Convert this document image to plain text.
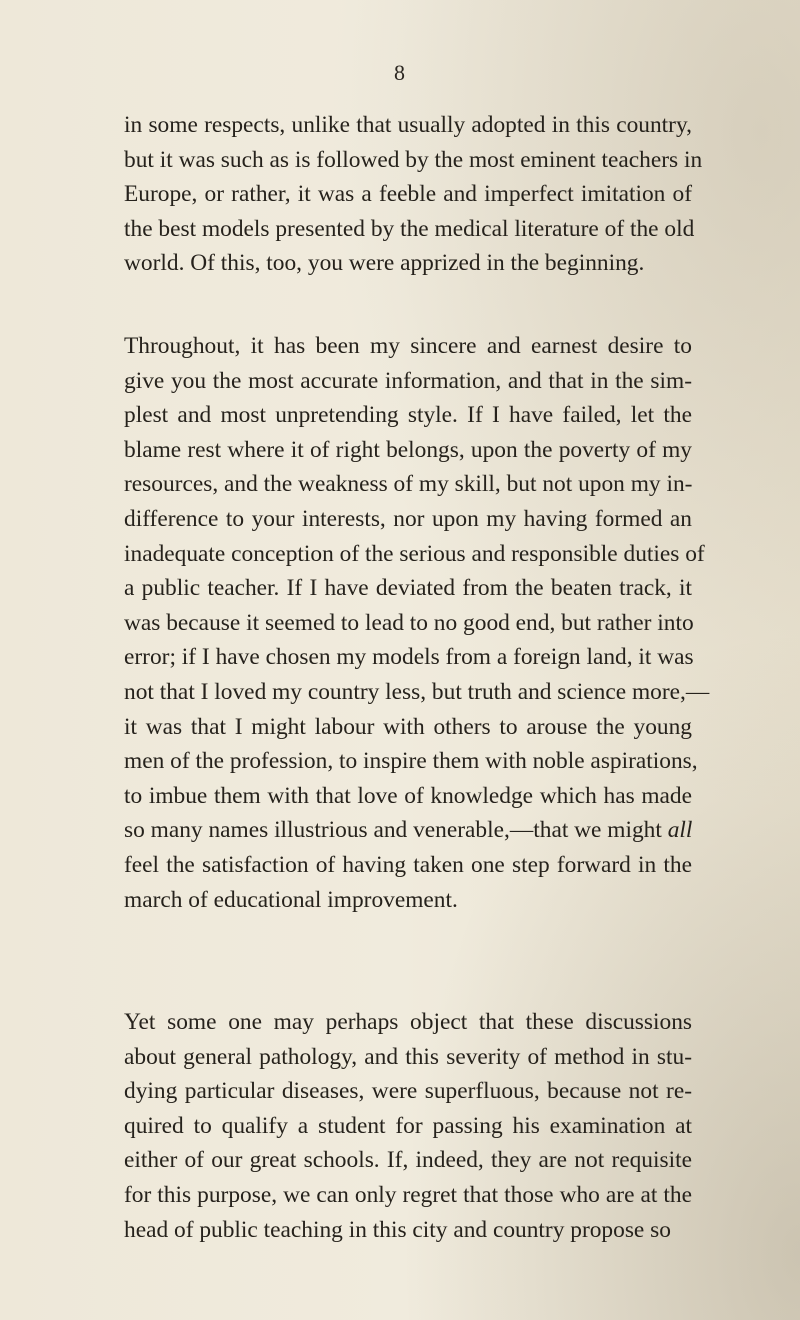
8
in some respects, unlike that usually adopted in this country,
but it was such as is followed by the most eminent teachers in
Europe, or rather, it was a feeble and imperfect imitation of
the best models presented by the medical literature of the old
world. Of this, too, you were apprized in the beginning.
Throughout, it has been my sincere and earnest desire to
give you the most accurate information, and that in the sim-
plest and most unpretending style. If I have failed, let the
blame rest where it of right belongs, upon the poverty of my
resources, and the weakness of my skill, but not upon my in-
difference to your interests, nor upon my having formed an
inadequate conception of the serious and responsible duties of
a public teacher. If I have deviated from the beaten track, it
was because it seemed to lead to no good end, but rather into
error; if I have chosen my models from a foreign land, it was
not that I loved my country less, but truth and science more,—
it was that I might labour with others to arouse the young
men of the profession, to inspire them with noble aspirations,
to imbue them with that love of knowledge which has made
so many names illustrious and venerable,—that we might all
feel the satisfaction of having taken one step forward in the
march of educational improvement.
Yet some one may perhaps object that these discussions
about general pathology, and this severity of method in stu-
dying particular diseases, were superfluous, because not re-
quired to qualify a student for passing his examination at
either of our great schools. If, indeed, they are not requisite
for this purpose, we can only regret that those who are at the
head of public teaching in this city and country propose so
